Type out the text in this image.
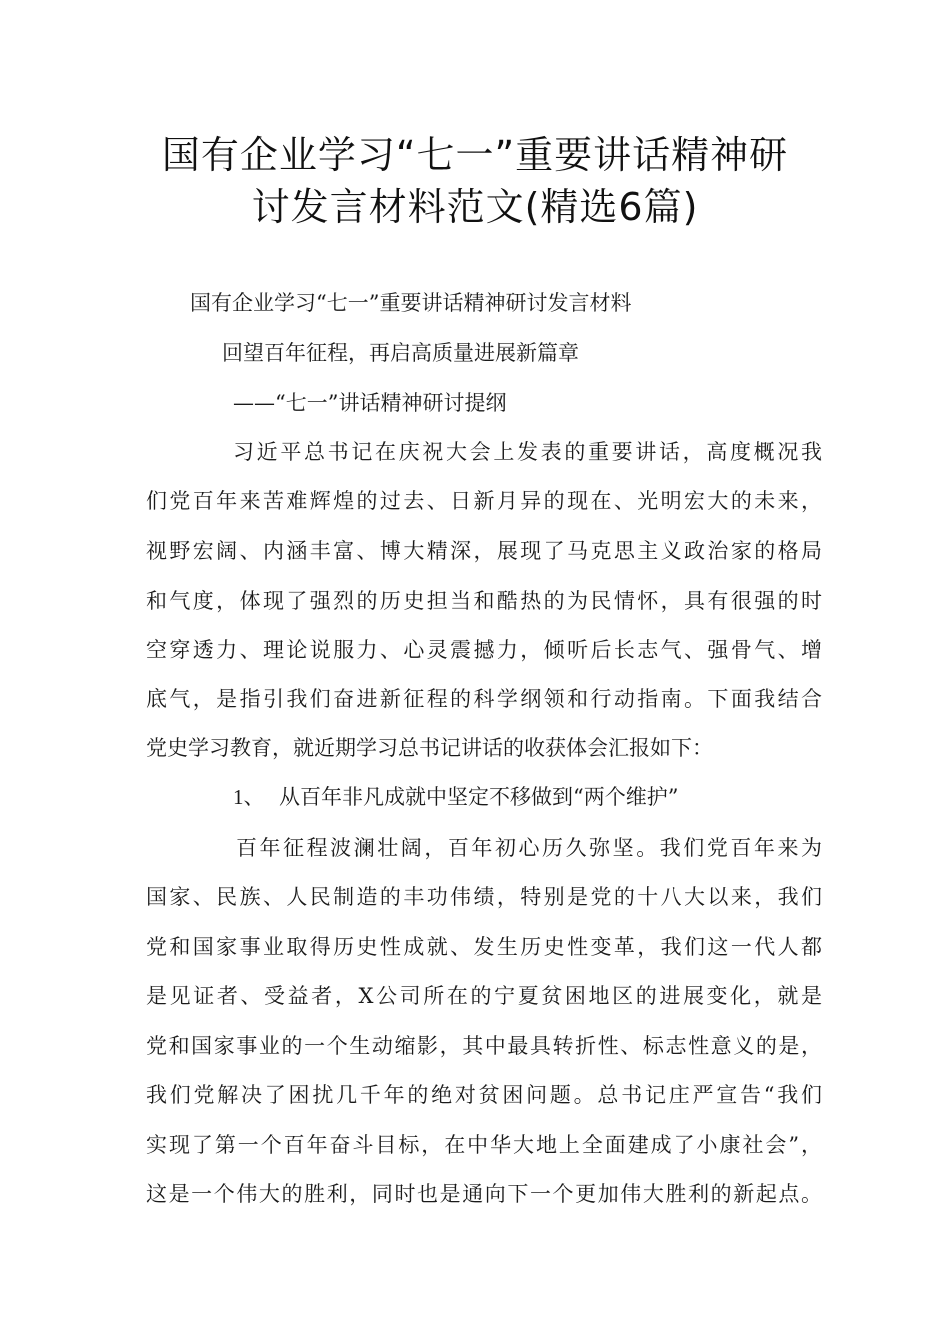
国有企业学习“七一”重要讲话精神研
讨发言材料范文(精选6篇)
国有企业学习“七一”重要讲话精神研讨发言材料
回望百年征程，再启高质量进展新篇章
——“七一”讲话精神研讨提纲
习近平总书记在庆祝大会上发表的重要讲话，高度概况我
们党百年来苦难辉煌的过去、日新月异的现在、光明宏大的未来，
视野宏阔、内涵丰富、博大精深，展现了马克思主义政治家的格局
和气度，体现了强烈的历史担当和酷热的为民情怀，具有很强的时
空穿透力、理论说服力、心灵震撼力，倾听后长志气、强骨气、增
底气，是指引我们奋进新征程的科学纲领和行动指南。下面我结合
党史学习教育，就近期学习总书记讲话的收获体会汇报如下：
1、 从百年非凡成就中坚定不移做到“两个维护”
百年征程波澜壮阔，百年初心历久弥坚。我们党百年来为
国家、民族、人民制造的丰功伟绩，特别是党的十八大以来，我们
党和国家事业取得历史性成就、发生历史性变革，我们这一代人都
是见证者、受益者，X公司所在的宁夏贫困地区的进展变化，就是
党和国家事业的一个生动缩影，其中最具转折性、标志性意义的是，
我们党解决了困扰几千年的绝对贫困问题。总书记庄严宣告“我们
实现了第一个百年奋斗目标，在中华大地上全面建成了小康社会”，
这是一个伟大的胜利，同时也是通向下一个更加伟大胜利的新起点。
